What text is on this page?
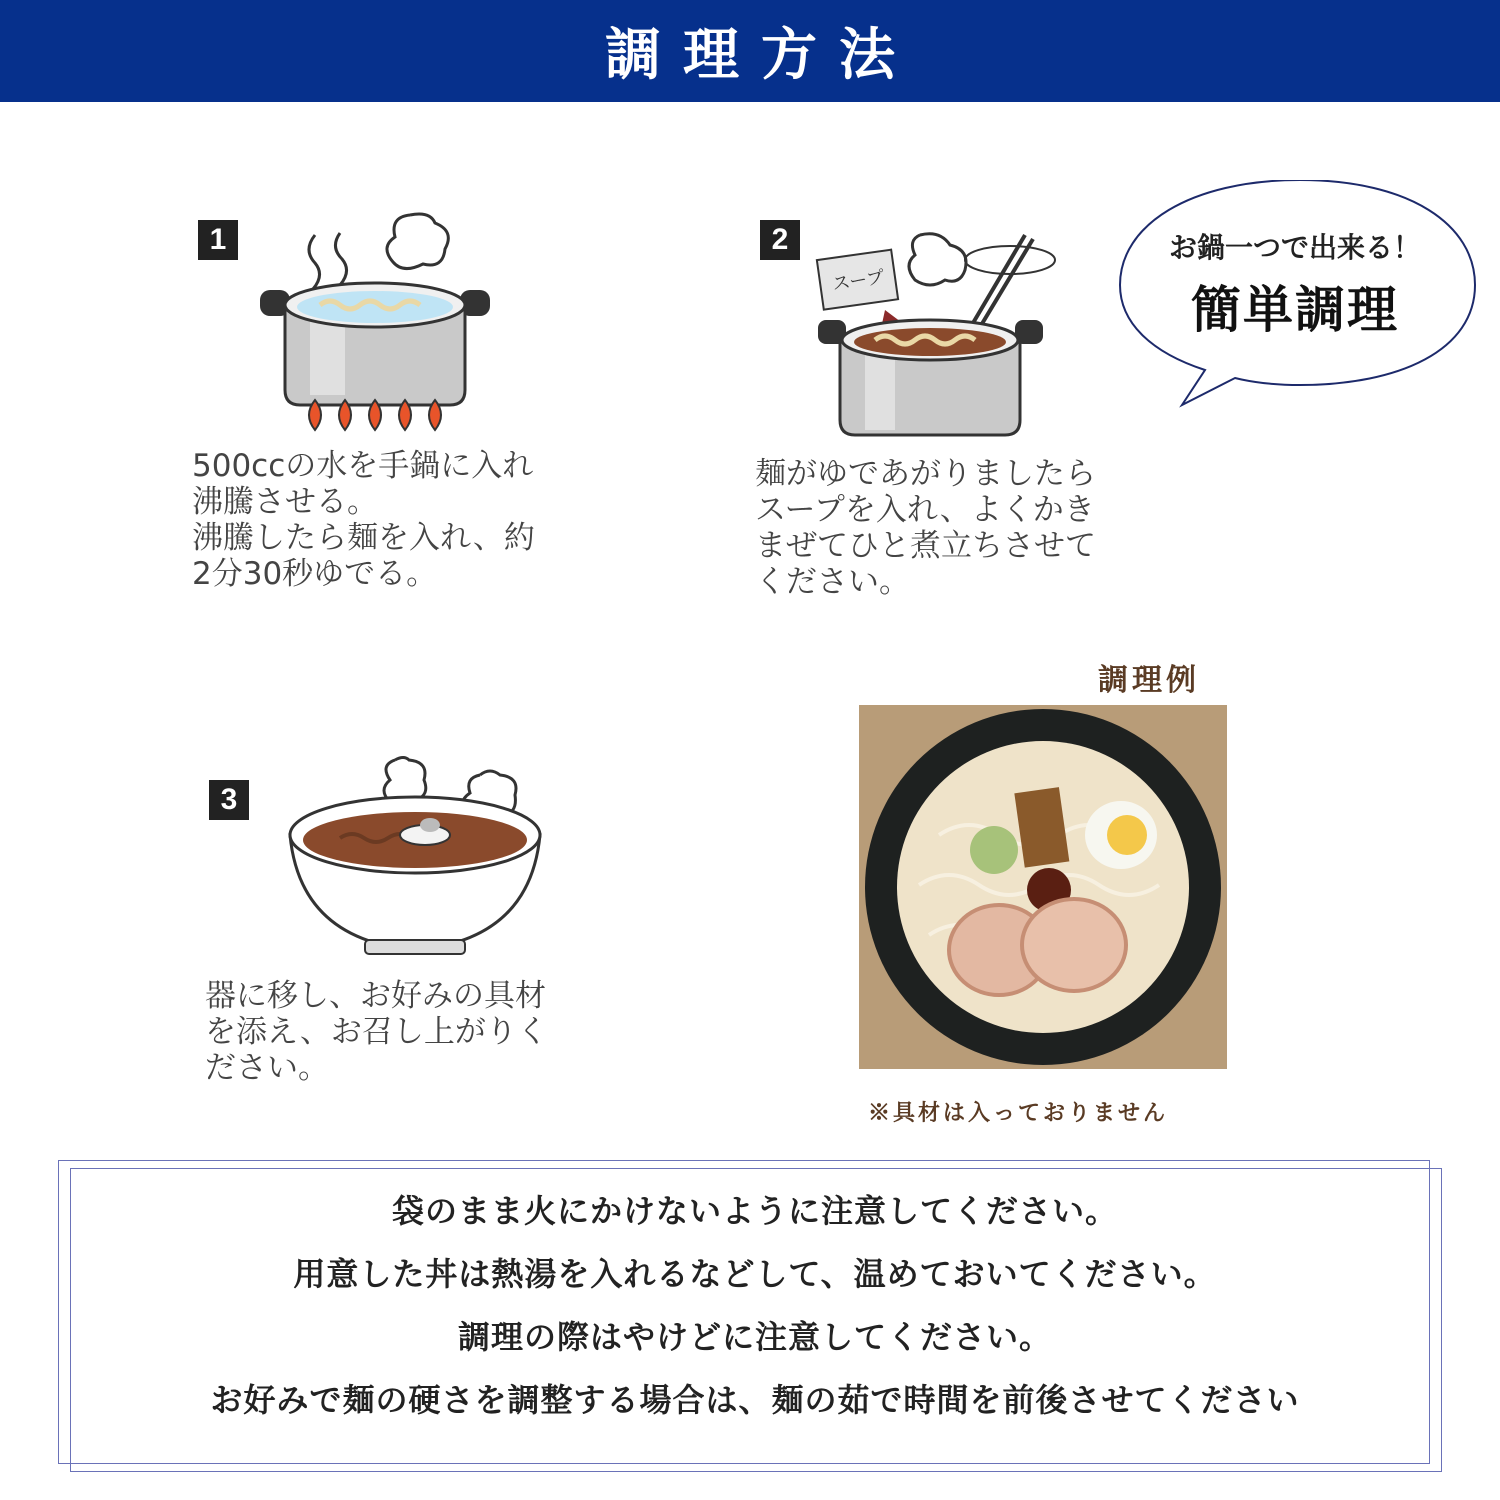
調理方法
1
500ccの水を手鍋に入れ
沸騰させる。
沸騰したら麺を入れ、約
2分30秒ゆでる。
2
スープ
麺がゆであがりましたら
スープを入れ、よくかき
まぜてひと煮立ちさせて
ください。
お鍋一つで出来る！
簡単調理
3
器に移し、お好みの具材
を添え、お召し上がりく
ださい。
調理例
※具材は入っておりません
袋のまま火にかけないように注意してください。
用意した丼は熱湯を入れるなどして、温めておいてください。
調理の際はやけどに注意してください。
お好みで麺の硬さを調整する場合は、麺の茹で時間を前後させてください
